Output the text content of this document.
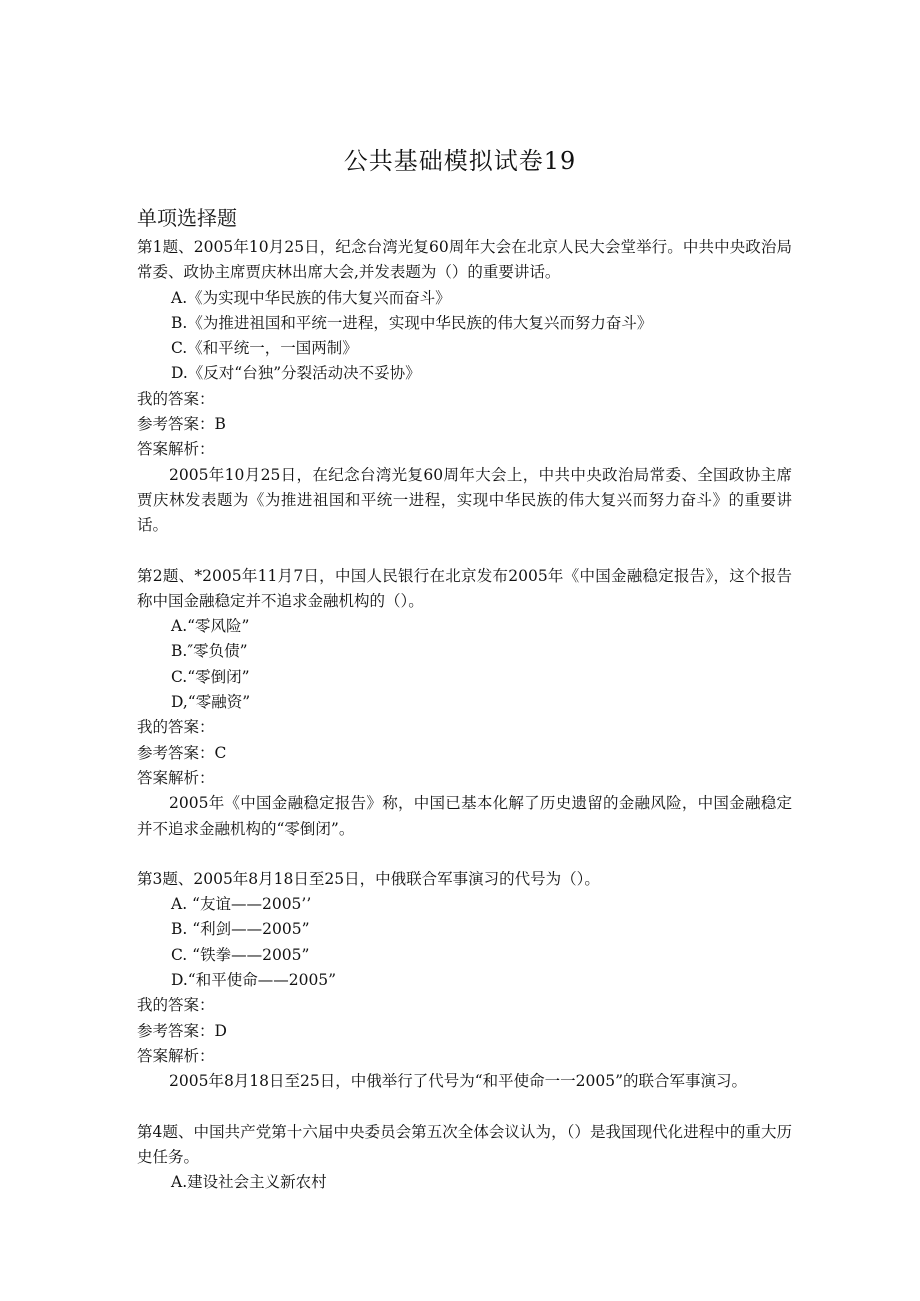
公共基础模拟试卷19
单项选择题

第1题、2005年10月25日，纪念台湾光复60周年大会在北京人民大会堂举行。中共中央政治局常委、政协主席贾庆林出席大会,并发表题为（）的重要讲话。

A.《为实现中华民族的伟大复兴而奋斗》

B.《为推进祖国和平统一进程，实现中华民族的伟大复兴而努力奋斗》

C.《和平统一，一国两制》

D.《反对“台独”分裂活动决不妥协》

我的答案：

参考答案：B

答案解析：

2005年10月25日，在纪念台湾光复60周年大会上，中共中央政治局常委、全国政协主席贾庆林发表题为《为推进祖国和平统一进程，实现中华民族的伟大复兴而努力奋斗》的重要讲话。

第2题、*2005年11月7日，中国人民银行在北京发布2005年《中国金融稳定报告》，这个报告称中国金融稳定并不追求金融机构的（）。

A.“零风险”

B.″零负债”

C.“零倒闭”

D,“零融资”

我的答案：

参考答案：C

答案解析：

2005年《中国金融稳定报告》称，中国已基本化解了历史遗留的金融风险，中国金融稳定并不追求金融机构的“零倒闭”。

第3题、2005年8月18日至25日，中俄联合军事演习的代号为（）。

A. “友谊——2005’’

B. “利剑——2005”

C. “铁拳——2005”

D.“和平使命——2005”

我的答案：

参考答案：D

答案解析：

2005年8月18日至25日，中俄举行了代号为“和平使命一一2005”的联合军事演习。

第4题、中国共产党第十六届中央委员会第五次全体会议认为，（）是我国现代化进程中的重大历史任务。

A.建设社会主义新农村
